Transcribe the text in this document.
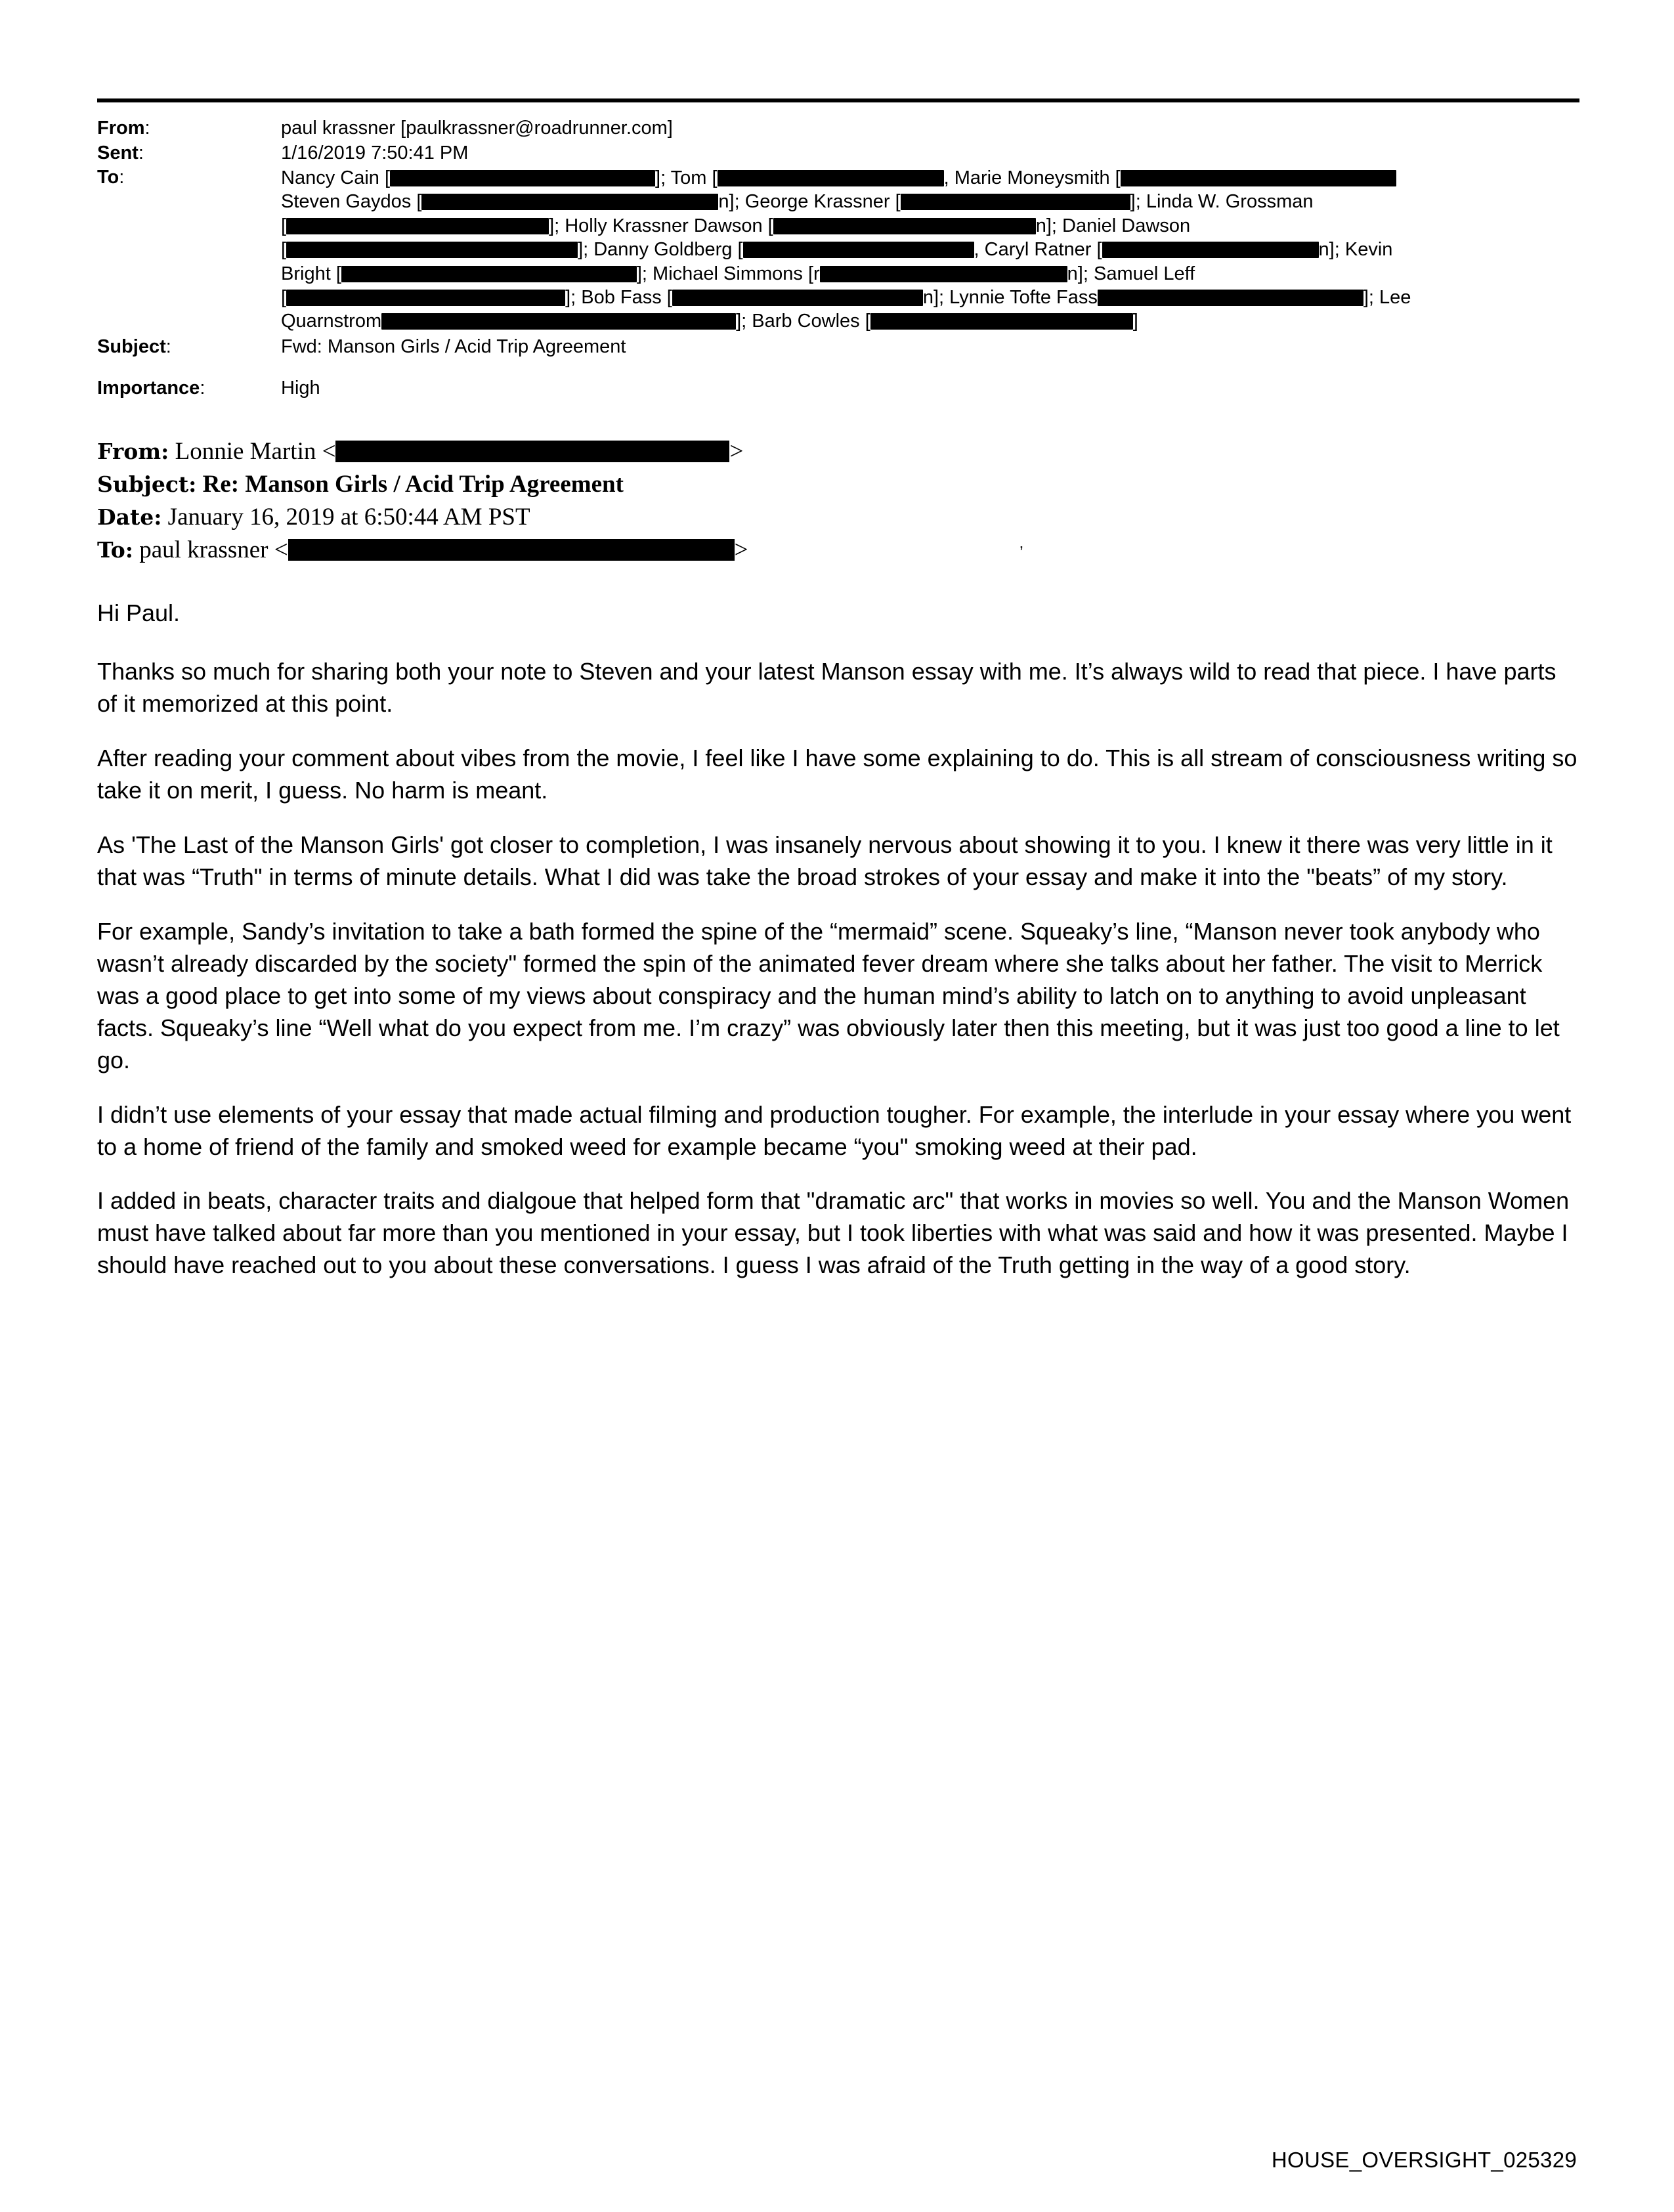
From:	paul krassner [paulkrassner@roadrunner.com]
Sent:	1/16/2019 7:50:41 PM
To:	Nancy Cain [	]; Tom [	, Marie Moneysmith [
Steven Gaydos [	n]; George Krassner [	]; Linda W. Grossman
[	]; Holly Krassner Dawson [	n]; Daniel Dawson
[	]; Danny Goldberg [	, Caryl Ratner [	n]; Kevin
Bright [	]; Michael Simmons [r	n]; Samuel Leff
[	]; Bob Fass [	n]; Lynnie Tofte Fass	]; Lee
Quarnstrom	]; Barb Cowles [	]
Subject:	Fwd: Manson Girls / Acid Trip Agreement

Importance:	High
From: Lonnie Martin <	>
Subject: Re: Manson Girls / Acid Trip Agreement
Date: January 16, 2019 at 6:50:44 AM PST
To: paul krassner <	>

Hi Paul.

Thanks so much for sharing both your note to Steven and your latest Manson essay with me. It’s always wild to read that piece. I have parts of it memorized at this point.

After reading your comment about vibes from the movie, I feel like I have some explaining to do. This is all stream of consciousness writing so take it on merit, I guess. No harm is meant.

As 'The Last of the Manson Girls' got closer to completion, I was insanely nervous about showing it to you. I knew it there was very little in it that was “Truth" in terms of minute details. What I did was take the broad strokes of your essay and make it into the "beats” of my story.

For example, Sandy’s invitation to take a bath formed the spine of the “mermaid” scene. Squeaky’s line, “Manson never took anybody who wasn’t already discarded by the society" formed the spin of the animated fever dream where she talks about her father. The visit to Merrick was a good place to get into some of my views about conspiracy and the human mind’s ability to latch on to anything to avoid unpleasant facts. Squeaky’s line “Well what do you expect from me. I’m crazy” was obviously later then this meeting, but it was just too good a line to let go.

I didn’t use elements of your essay that made actual filming and production tougher. For example, the interlude in your essay where you went to a home of friend of the family and smoked weed for example became “you" smoking weed at their pad.

I added in beats, character traits and dialgoue that helped form that "dramatic arc" that works in movies so well. You and the Manson Women must have talked about far more than you mentioned in your essay, but I took liberties with what was said and how it was presented. Maybe I should have reached out to you about these conversations. I guess I was afraid of the Truth getting in the way of a good story.

’
HOUSE_OVERSIGHT_025329
